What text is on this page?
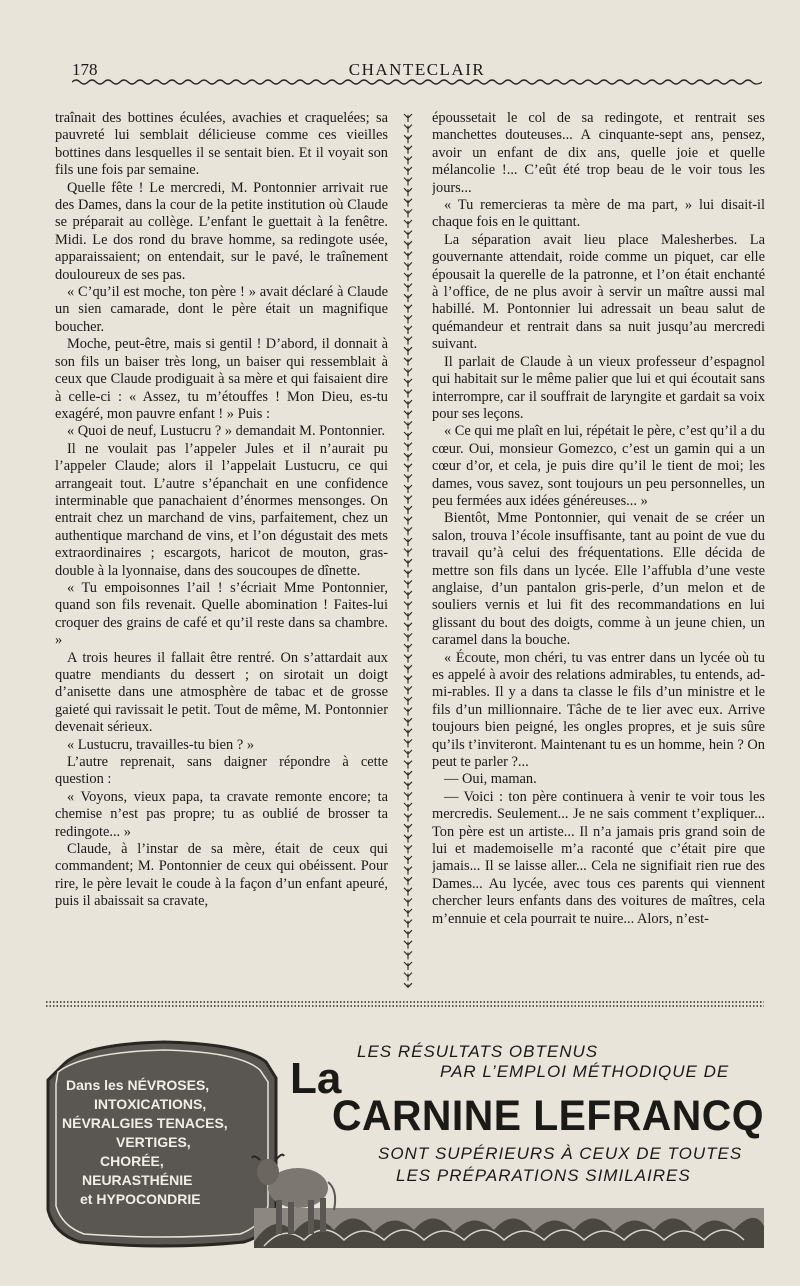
178	CHANTECLAIR

traînait des bottines éculées, avachies et craquelées; sa pauvreté lui semblait délicieuse comme ces vieilles bottines dans lesquelles il se sentait bien. Et il voyait son fils une fois par semaine.

Quelle fête ! Le mercredi, M. Pontonnier arrivait rue des Dames, dans la cour de la petite institution où Claude se préparait au collège. L’enfant le guettait à la fenêtre. Midi. Le dos rond du brave homme, sa redingote usée, apparaissaient; on entendait, sur le pavé, le traînement douloureux de ses pas.

« C’qu’il est moche, ton père ! » avait déclaré à Claude un sien camarade, dont le père était un magnifique boucher.

Moche, peut-être, mais si gentil ! D’abord, il donnait à son fils un baiser très long, un baiser qui ressemblait à ceux que Claude prodiguait à sa mère et qui faisaient dire à celle-ci : « Assez, tu m’étouffes ! Mon Dieu, es-tu exagéré, mon pauvre enfant ! » Puis :

« Quoi de neuf, Lustucru ? » demandait M. Pontonnier.

Il ne voulait pas l’appeler Jules et il n’aurait pu l’appeler Claude; alors il l’appelait Lustucru, ce qui arrangeait tout. L’autre s’épanchait en une confidence interminable que panachaient d’énormes mensonges. On entrait chez un marchand de vins, parfaitement, chez un authentique marchand de vins, et l’on dégustait des mets extraordinaires ; escargots, haricot de mouton, gras-double à la lyonnaise, dans des soucoupes de dînette.

« Tu empoisonnes l’ail ! s’écriait Mme Pontonnier, quand son fils revenait. Quelle abomination ! Faites-lui croquer des grains de café et qu’il reste dans sa chambre. »

A trois heures il fallait être rentré. On s’attardait aux quatre mendiants du dessert ; on sirotait un doigt d’anisette dans une atmosphère de tabac et de grosse gaieté qui ravissait le petit. Tout de même, M. Pontonnier devenait sérieux.

« Lustucru, travailles-tu bien ? »

L’autre reprenait, sans daigner répondre à cette question :

« Voyons, vieux papa, ta cravate remonte encore; ta chemise n’est pas propre; tu as oublié de brosser ta redingote... »

Claude, à l’instar de sa mère, était de ceux qui commandent; M. Pontonnier de ceux qui obéissent. Pour rire, le père levait le coude à la façon d’un enfant apeuré, puis il abaissait sa cravate,

époussetait le col de sa redingote, et rentrait ses manchettes douteuses... A cinquante-sept ans, pensez, avoir un enfant de dix ans, quelle joie et quelle mélancolie !... C’eût été trop beau de le voir tous les jours...

« Tu remercieras ta mère de ma part, » lui disait-il chaque fois en le quittant.

La séparation avait lieu place Malesherbes. La gouvernante attendait, roide comme un piquet, car elle épousait la querelle de la patronne, et l’on était enchanté à l’office, de ne plus avoir à servir un maître aussi mal habillé. M. Pontonnier lui adressait un beau salut de quémandeur et rentrait dans sa nuit jusqu’au mercredi suivant.

Il parlait de Claude à un vieux professeur d’espagnol qui habitait sur le même palier que lui et qui écoutait sans interrompre, car il souffrait de laryngite et gardait sa voix pour ses leçons.

« Ce qui me plaît en lui, répétait le père, c’est qu’il a du cœur. Oui, monsieur Gomezco, c’est un gamin qui a un cœur d’or, et cela, je puis dire qu’il le tient de moi; les dames, vous savez, sont toujours un peu personnelles, un peu fermées aux idées généreuses... »

Bientôt, Mme Pontonnier, qui venait de se créer un salon, trouva l’école insuffisante, tant au point de vue du travail qu’à celui des fréquentations. Elle décida de mettre son fils dans un lycée. Elle l’affubla d’une veste anglaise, d’un pantalon gris-perle, d’un melon et de souliers vernis et lui fit des recommandations en lui glissant du bout des doigts, comme à un jeune chien, un caramel dans la bouche.

« Écoute, mon chéri, tu vas entrer dans un lycée où tu es appelé à avoir des relations admirables, tu entends, ad-mi-rables. Il y a dans ta classe le fils d’un ministre et le fils d’un millionnaire. Tâche de te lier avec eux. Arrive toujours bien peigné, les ongles propres, et je suis sûre qu’ils t’inviteront. Maintenant tu es un homme, hein ? On peut te parler ?...

— Oui, maman.

— Voici : ton père continuera à venir te voir tous les mercredis. Seulement... Je ne sais comment t’expliquer... Ton père est un artiste... Il n’a jamais pris grand soin de lui et mademoiselle m’a raconté que c’était pire que jamais... Il se laisse aller... Cela ne signifiait rien rue des Dames... Au lycée, avec tous ces parents qui viennent chercher leurs enfants dans des voitures de maîtres, cela m’ennuie et cela pourrait te nuire... Alors, n’est-

Dans les NÉVROSES,
INTOXICATIONS,
NÉVRALGIES TENACES,
VERTIGES,
CHORÉE,
NEURASTHÉNIE
et HYPOCONDRIE
LES RÉSULTATS OBTENUS
PAR L’EMPLOI MÉTHODIQUE DE
La
CARNINE LEFRANCQ
SONT SUPÉRIEURS À CEUX DE TOUTES
LES PRÉPARATIONS SIMILAIRES
